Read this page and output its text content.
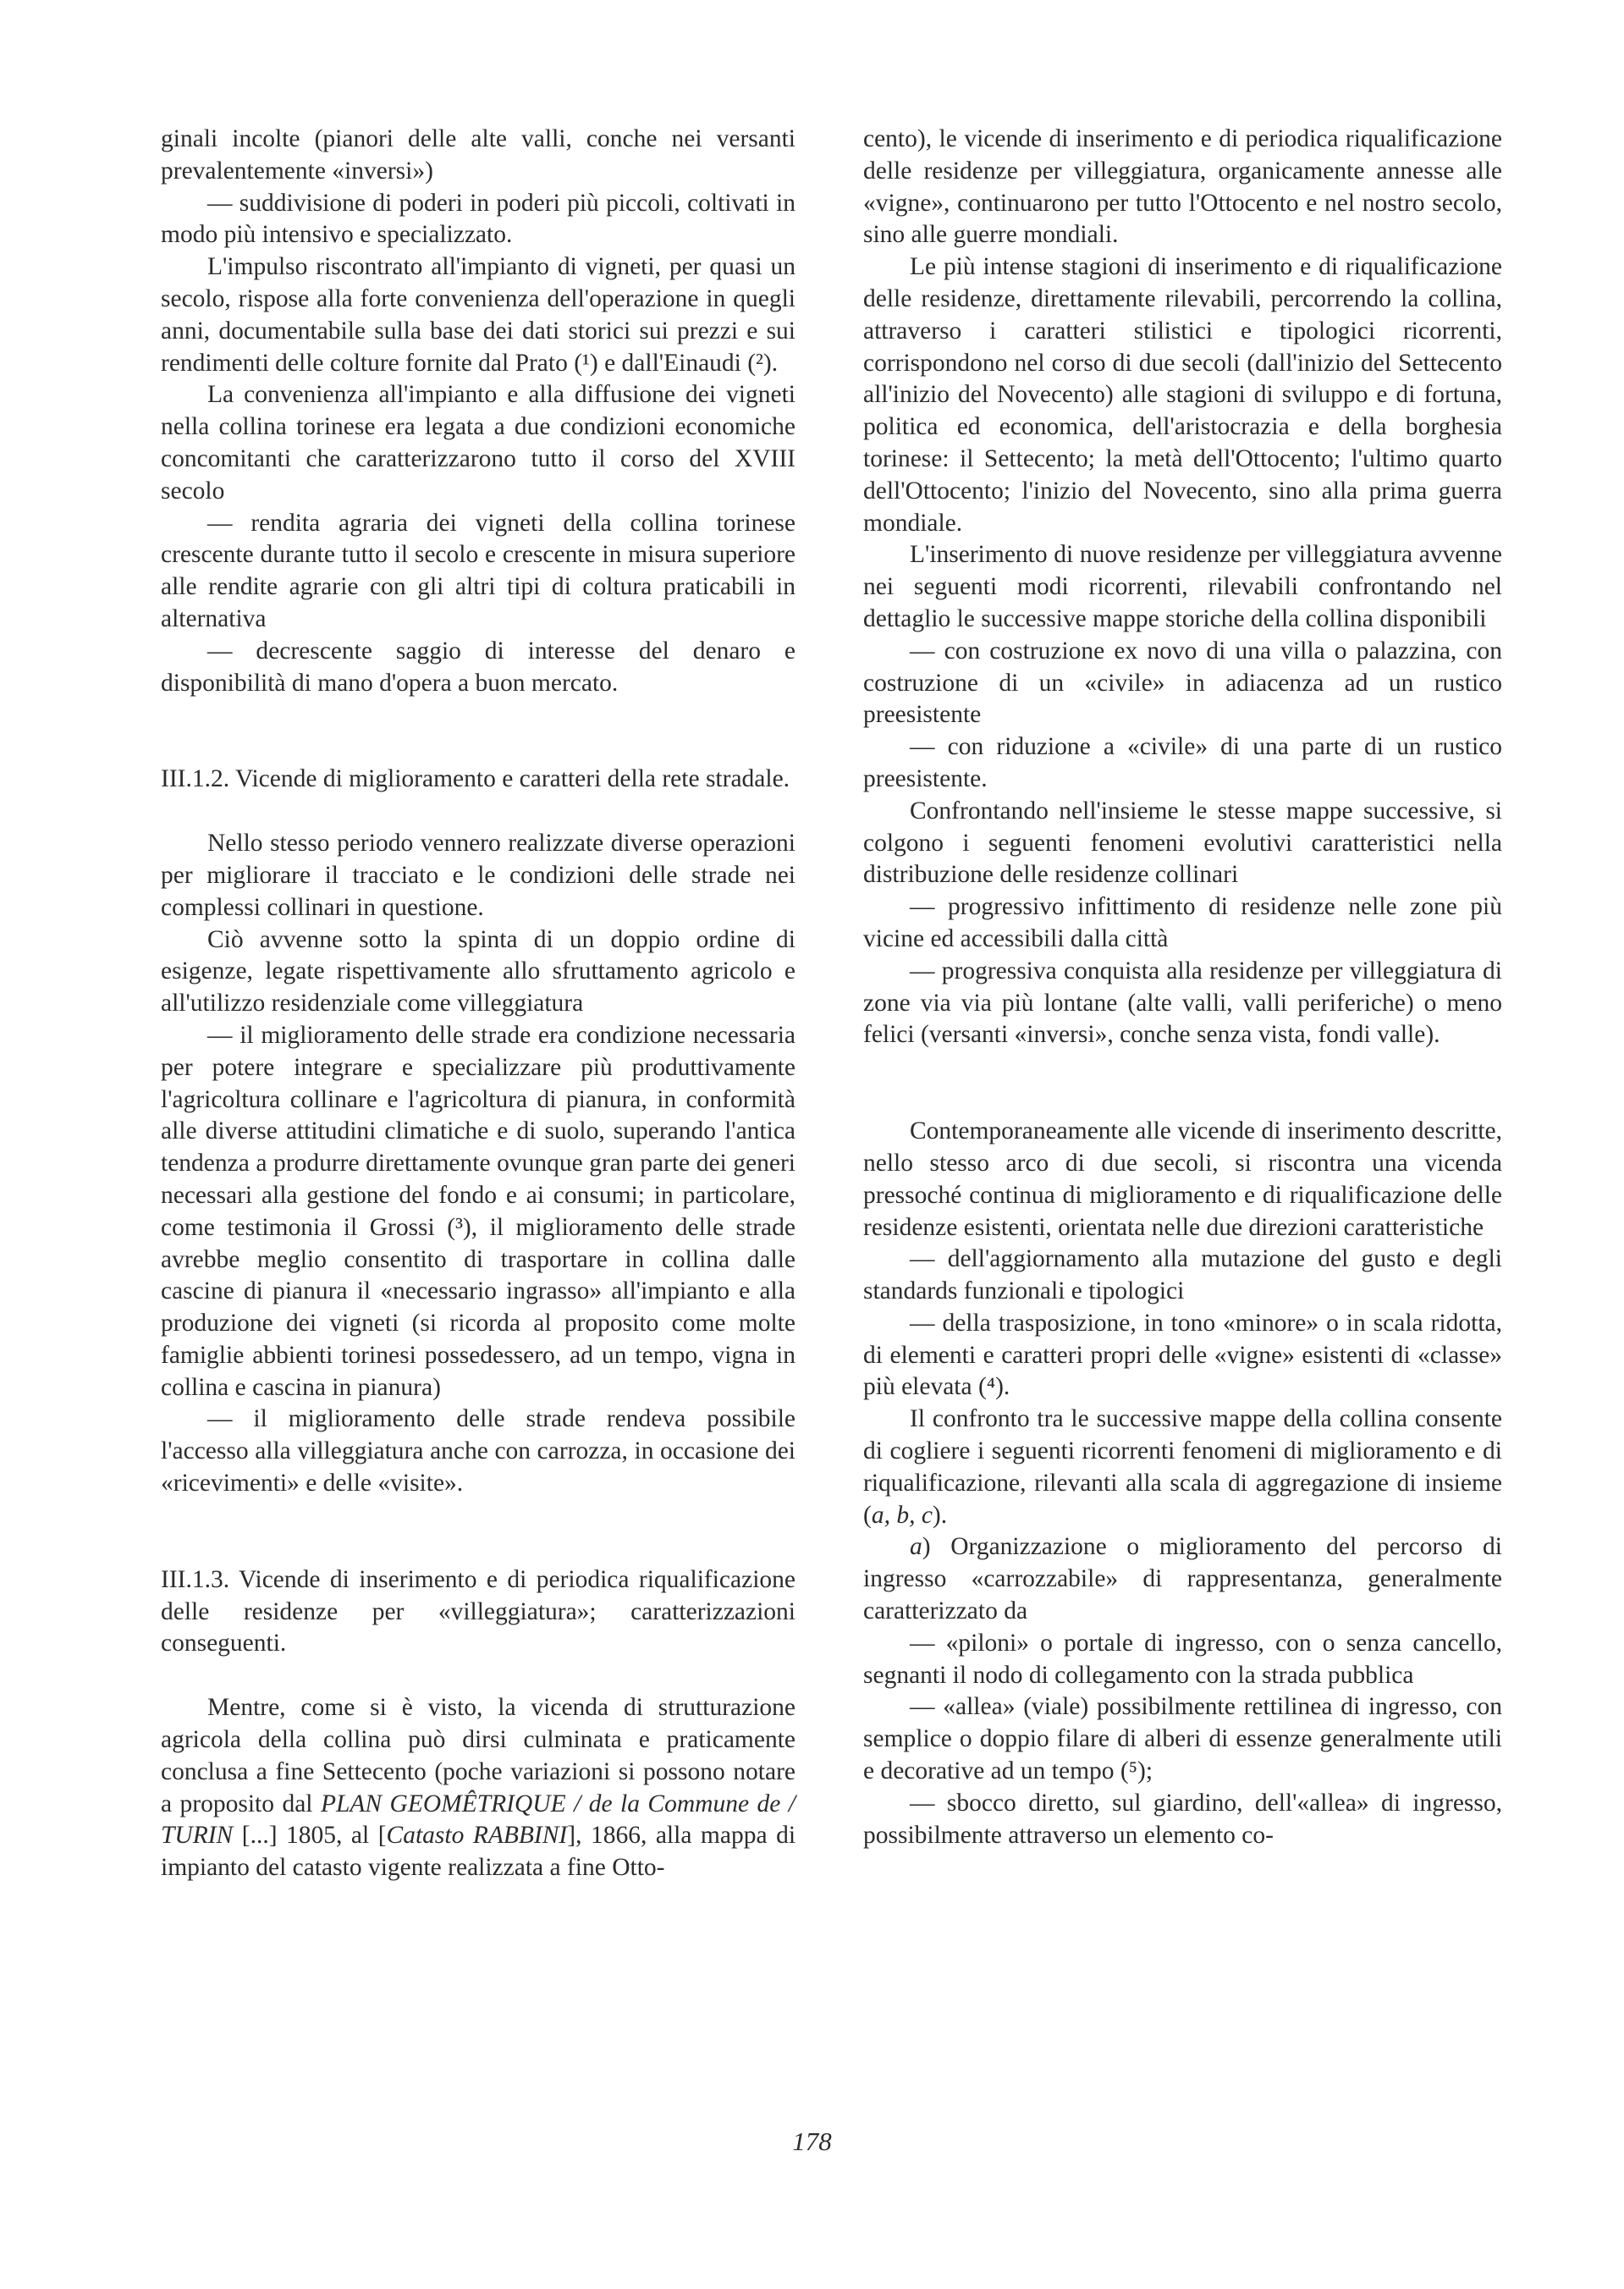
ginali incolte (pianori delle alte valli, conche nei versanti prevalentemente «inversi»)

— suddivisione di poderi in poderi più piccoli, coltivati in modo più intensivo e specializzato.

L'impulso riscontrato all'impianto di vigneti, per quasi un secolo, rispose alla forte convenienza dell'operazione in quegli anni, documentabile sulla base dei dati storici sui prezzi e sui rendimenti delle colture fornite dal Prato (¹) e dall'Einaudi (²).

La convenienza all'impianto e alla diffusione dei vigneti nella collina torinese era legata a due condizioni economiche concomitanti che caratterizzarono tutto il corso del XVIII secolo

— rendita agraria dei vigneti della collina torinese crescente durante tutto il secolo e crescente in misura superiore alle rendite agrarie con gli altri tipi di coltura praticabili in alternativa

— decrescente saggio di interesse del denaro e disponibilità di mano d'opera a buon mercato.

III.1.2. Vicende di miglioramento e caratteri della rete stradale.

Nello stesso periodo vennero realizzate diverse operazioni per migliorare il tracciato e le condizioni delle strade nei complessi collinari in questione.

Ciò avvenne sotto la spinta di un doppio ordine di esigenze, legate rispettivamente allo sfruttamento agricolo e all'utilizzo residenziale come villeggiatura

— il miglioramento delle strade era condizione necessaria per potere integrare e specializzare più produttivamente l'agricoltura collinare e l'agricoltura di pianura, in conformità alle diverse attitudini climatiche e di suolo, superando l'antica tendenza a produrre direttamente ovunque gran parte dei generi necessari alla gestione del fondo e ai consumi; in particolare, come testimonia il Grossi (³), il miglioramento delle strade avrebbe meglio consentito di trasportare in collina dalle cascine di pianura il «necessario ingrasso» all'impianto e alla produzione dei vigneti (si ricorda al proposito come molte famiglie abbienti torinesi possedessero, ad un tempo, vigna in collina e cascina in pianura)

— il miglioramento delle strade rendeva possibile l'accesso alla villeggiatura anche con carrozza, in occasione dei «ricevimenti» e delle «visite».

III.1.3. Vicende di inserimento e di periodica riqualificazione delle residenze per «villeggiatura»; caratterizzazioni conseguenti.

Mentre, come si è visto, la vicenda di strutturazione agricola della collina può dirsi culminata e praticamente conclusa a fine Settecento (poche variazioni si possono notare a proposito dal PLAN GEOMÊTRIQUE / de la Commune de / TURIN [...] 1805, al [Catasto RABBINI], 1866, alla mappa di impianto del catasto vigente realizzata a fine Otto-

cento), le vicende di inserimento e di periodica riqualificazione delle residenze per villeggiatura, organicamente annesse alle «vigne», continuarono per tutto l'Ottocento e nel nostro secolo, sino alle guerre mondiali.

Le più intense stagioni di inserimento e di riqualificazione delle residenze, direttamente rilevabili, percorrendo la collina, attraverso i caratteri stilistici e tipologici ricorrenti, corrispondono nel corso di due secoli (dall'inizio del Settecento all'inizio del Novecento) alle stagioni di sviluppo e di fortuna, politica ed economica, dell'aristocrazia e della borghesia torinese: il Settecento; la metà dell'Ottocento; l'ultimo quarto dell'Ottocento; l'inizio del Novecento, sino alla prima guerra mondiale.

L'inserimento di nuove residenze per villeggiatura avvenne nei seguenti modi ricorrenti, rilevabili confrontando nel dettaglio le successive mappe storiche della collina disponibili

— con costruzione ex novo di una villa o palazzina, con costruzione di un «civile» in adiacenza ad un rustico preesistente

— con riduzione a «civile» di una parte di un rustico preesistente.

Confrontando nell'insieme le stesse mappe successive, si colgono i seguenti fenomeni evolutivi caratteristici nella distribuzione delle residenze collinari

— progressivo infittimento di residenze nelle zone più vicine ed accessibili dalla città

— progressiva conquista alla residenze per villeggiatura di zone via via più lontane (alte valli, valli periferiche) o meno felici (versanti «inversi», conche senza vista, fondi valle).

Contemporaneamente alle vicende di inserimento descritte, nello stesso arco di due secoli, si riscontra una vicenda pressoché continua di miglioramento e di riqualificazione delle residenze esistenti, orientata nelle due direzioni caratteristiche

— dell'aggiornamento alla mutazione del gusto e degli standards funzionali e tipologici

— della trasposizione, in tono «minore» o in scala ridotta, di elementi e caratteri propri delle «vigne» esistenti di «classe» più elevata (⁴).

Il confronto tra le successive mappe della collina consente di cogliere i seguenti ricorrenti fenomeni di miglioramento e di riqualificazione, rilevanti alla scala di aggregazione di insieme (a, b, c).

a) Organizzazione o miglioramento del percorso di ingresso «carrozzabile» di rappresentanza, generalmente caratterizzato da

— «piloni» o portale di ingresso, con o senza cancello, segnanti il nodo di collegamento con la strada pubblica

— «allea» (viale) possibilmente rettilinea di ingresso, con semplice o doppio filare di alberi di essenze generalmente utili e decorative ad un tempo (⁵);

— sbocco diretto, sul giardino, dell'«allea» di ingresso, possibilmente attraverso un elemento co-

178
